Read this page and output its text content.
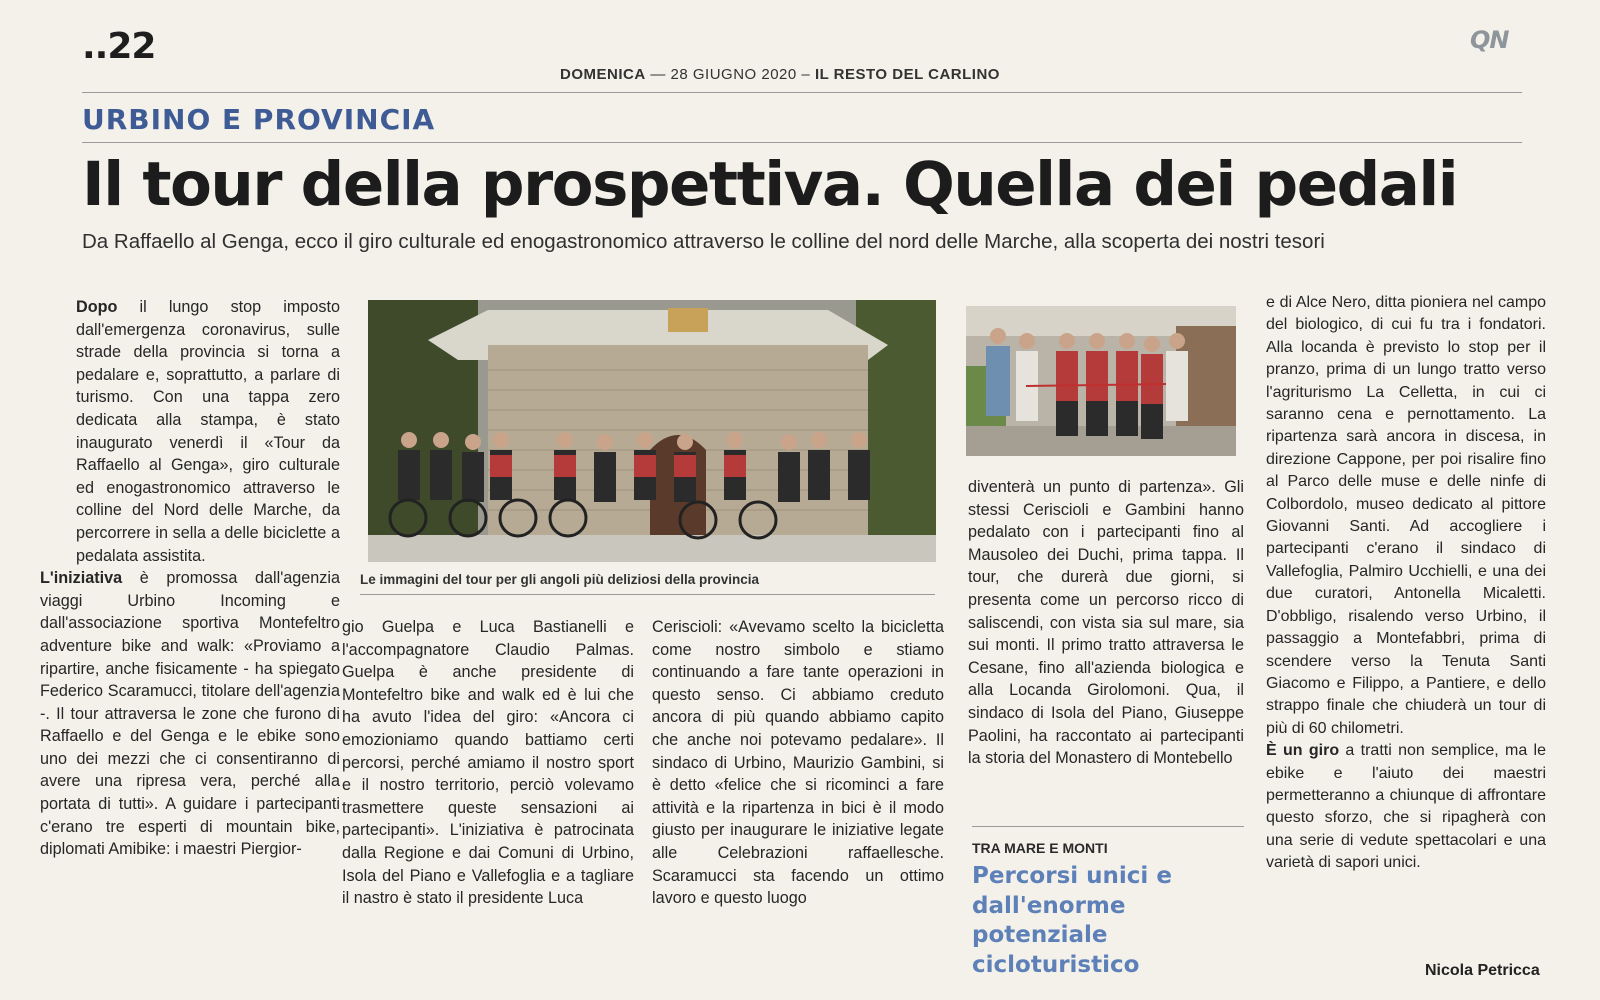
..22
DOMENICA — 28 GIUGNO 2020 – IL RESTO DEL CARLINO
QN
URBINO E PROVINCIA
Il tour della prospettiva. Quella dei pedali
Da Raffaello al Genga, ecco il giro culturale ed enogastronomico attraverso le colline del nord delle Marche, alla scoperta dei nostri tesori

Dopo il lungo stop imposto dall'emergenza coronavirus, sulle strade della provincia si torna a pedalare e, soprattutto, a parlare di turismo. Con una tappa zero dedicata alla stampa, è stato inaugurato venerdì il «Tour da Raffaello al Genga», giro culturale ed enogastronomico attraverso le colline del Nord delle Marche, da percorrere in sella a delle biciclette a pedalata assistita.

L'iniziativa è promossa dall'agenzia viaggi Urbino Incoming e dall'associazione sportiva Montefeltro adventure bike and walk: «Proviamo a ripartire, anche fisicamente - ha spiegato Federico Scaramucci, titolare dell'agenzia -. Il tour attraversa le zone che furono di Raffaello e del Genga e le ebike sono uno dei mezzi che ci consentiranno di avere una ripresa vera, perché alla portata di tutti». A guidare i partecipanti c'erano tre esperti di mountain bike, diplomati Amibike: i maestri Piergior-

Le immagini del tour per gli angoli più deliziosi della provincia

gio Guelpa e Luca Bastianelli e l'accompagnatore Claudio Palmas. Guelpa è anche presidente di Montefeltro bike and walk ed è lui che ha avuto l'idea del giro: «Ancora ci emozioniamo quando battiamo certi percorsi, perché amiamo il nostro sport e il nostro territorio, perciò volevamo trasmettere queste sensazioni ai partecipanti». L'iniziativa è patrocinata dalla Regione e dai Comuni di Urbino, Isola del Piano e Vallefoglia e a tagliare il nastro è stato il presidente Luca

Ceriscioli: «Avevamo scelto la bicicletta come nostro simbolo e stiamo continuando a fare tante operazioni in questo senso. Ci abbiamo creduto ancora di più quando abbiamo capito che anche noi potevamo pedalare». Il sindaco di Urbino, Maurizio Gambini, si è detto «felice che si ricominci a fare attività e la ripartenza in bici è il modo giusto per inaugurare le iniziative legate alle Celebrazioni raffaellesche. Scaramucci sta facendo un ottimo lavoro e questo luogo

diventerà un punto di partenza». Gli stessi Ceriscioli e Gambini hanno pedalato con i partecipanti fino al Mausoleo dei Duchi, prima tappa. Il tour, che durerà due giorni, si presenta come un percorso ricco di saliscendi, con vista sia sul mare, sia sui monti. Il primo tratto attraversa le Cesane, fino all'azienda biologica e alla Locanda Girolomoni. Qua, il sindaco di Isola del Piano, Giuseppe Paolini, ha raccontato ai partecipanti la storia del Monastero di Montebello

TRA MARE E MONTI
Percorsi unici e dall'enorme potenziale cicloturistico

e di Alce Nero, ditta pioniera nel campo del biologico, di cui fu tra i fondatori. Alla locanda è previsto lo stop per il pranzo, prima di un lungo tratto verso l'agriturismo La Celletta, in cui ci saranno cena e pernottamento. La ripartenza sarà ancora in discesa, in direzione Cappone, per poi risalire fino al Parco delle muse e delle ninfe di Colbordolo, museo dedicato al pittore Giovanni Santi. Ad accogliere i partecipanti c'erano il sindaco di Vallefoglia, Palmiro Ucchielli, e una dei due curatori, Antonella Micaletti. D'obbligo, risalendo verso Urbino, il passaggio a Montefabbri, prima di scendere verso la Tenuta Santi Giacomo e Filippo, a Pantiere, e dello strappo finale che chiuderà un tour di più di 60 chilometri.

È un giro a tratti non semplice, ma le ebike e l'aiuto dei maestri permetteranno a chiunque di affrontare questo sforzo, che si ripagherà con una serie di vedute spettacolari e una varietà di sapori unici.

Nicola Petricca
